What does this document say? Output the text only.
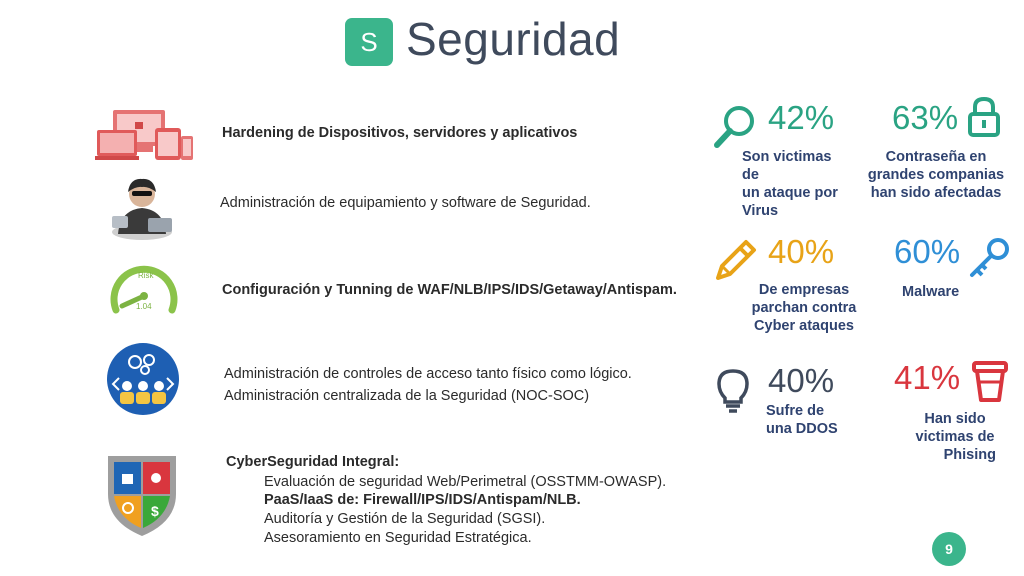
S Seguridad
Hardening de Dispositivos, servidores y aplicativos
Administración de equipamiento y software de Seguridad.
Risk
1.04
Configuración y Tunning de WAF/NLB/IPS/IDS/Getaway/Antispam.
Administración de controles de acceso tanto físico como lógico.
Administración centralizada de la Seguridad (NOC-SOC)
$
CyberSeguridad Integral:
Evaluación de seguridad Web/Perimetral (OSSTMM-OWASP).
PaaS/IaaS de: Firewall/IPS/IDS/Antispam/NLB.
Auditoría y Gestión de la Seguridad (SGSI).
Asesoramiento en Seguridad Estratégica.
42%
Son victimas
de
un ataque por
Virus
63%
Contraseña en
grandes companias
han sido afectadas
40%
De empresas
parchan contra
Cyber ataques
60%
Malware
40%
Sufre de
una DDOS
41%
Han sido
victimas de
Phising
9
